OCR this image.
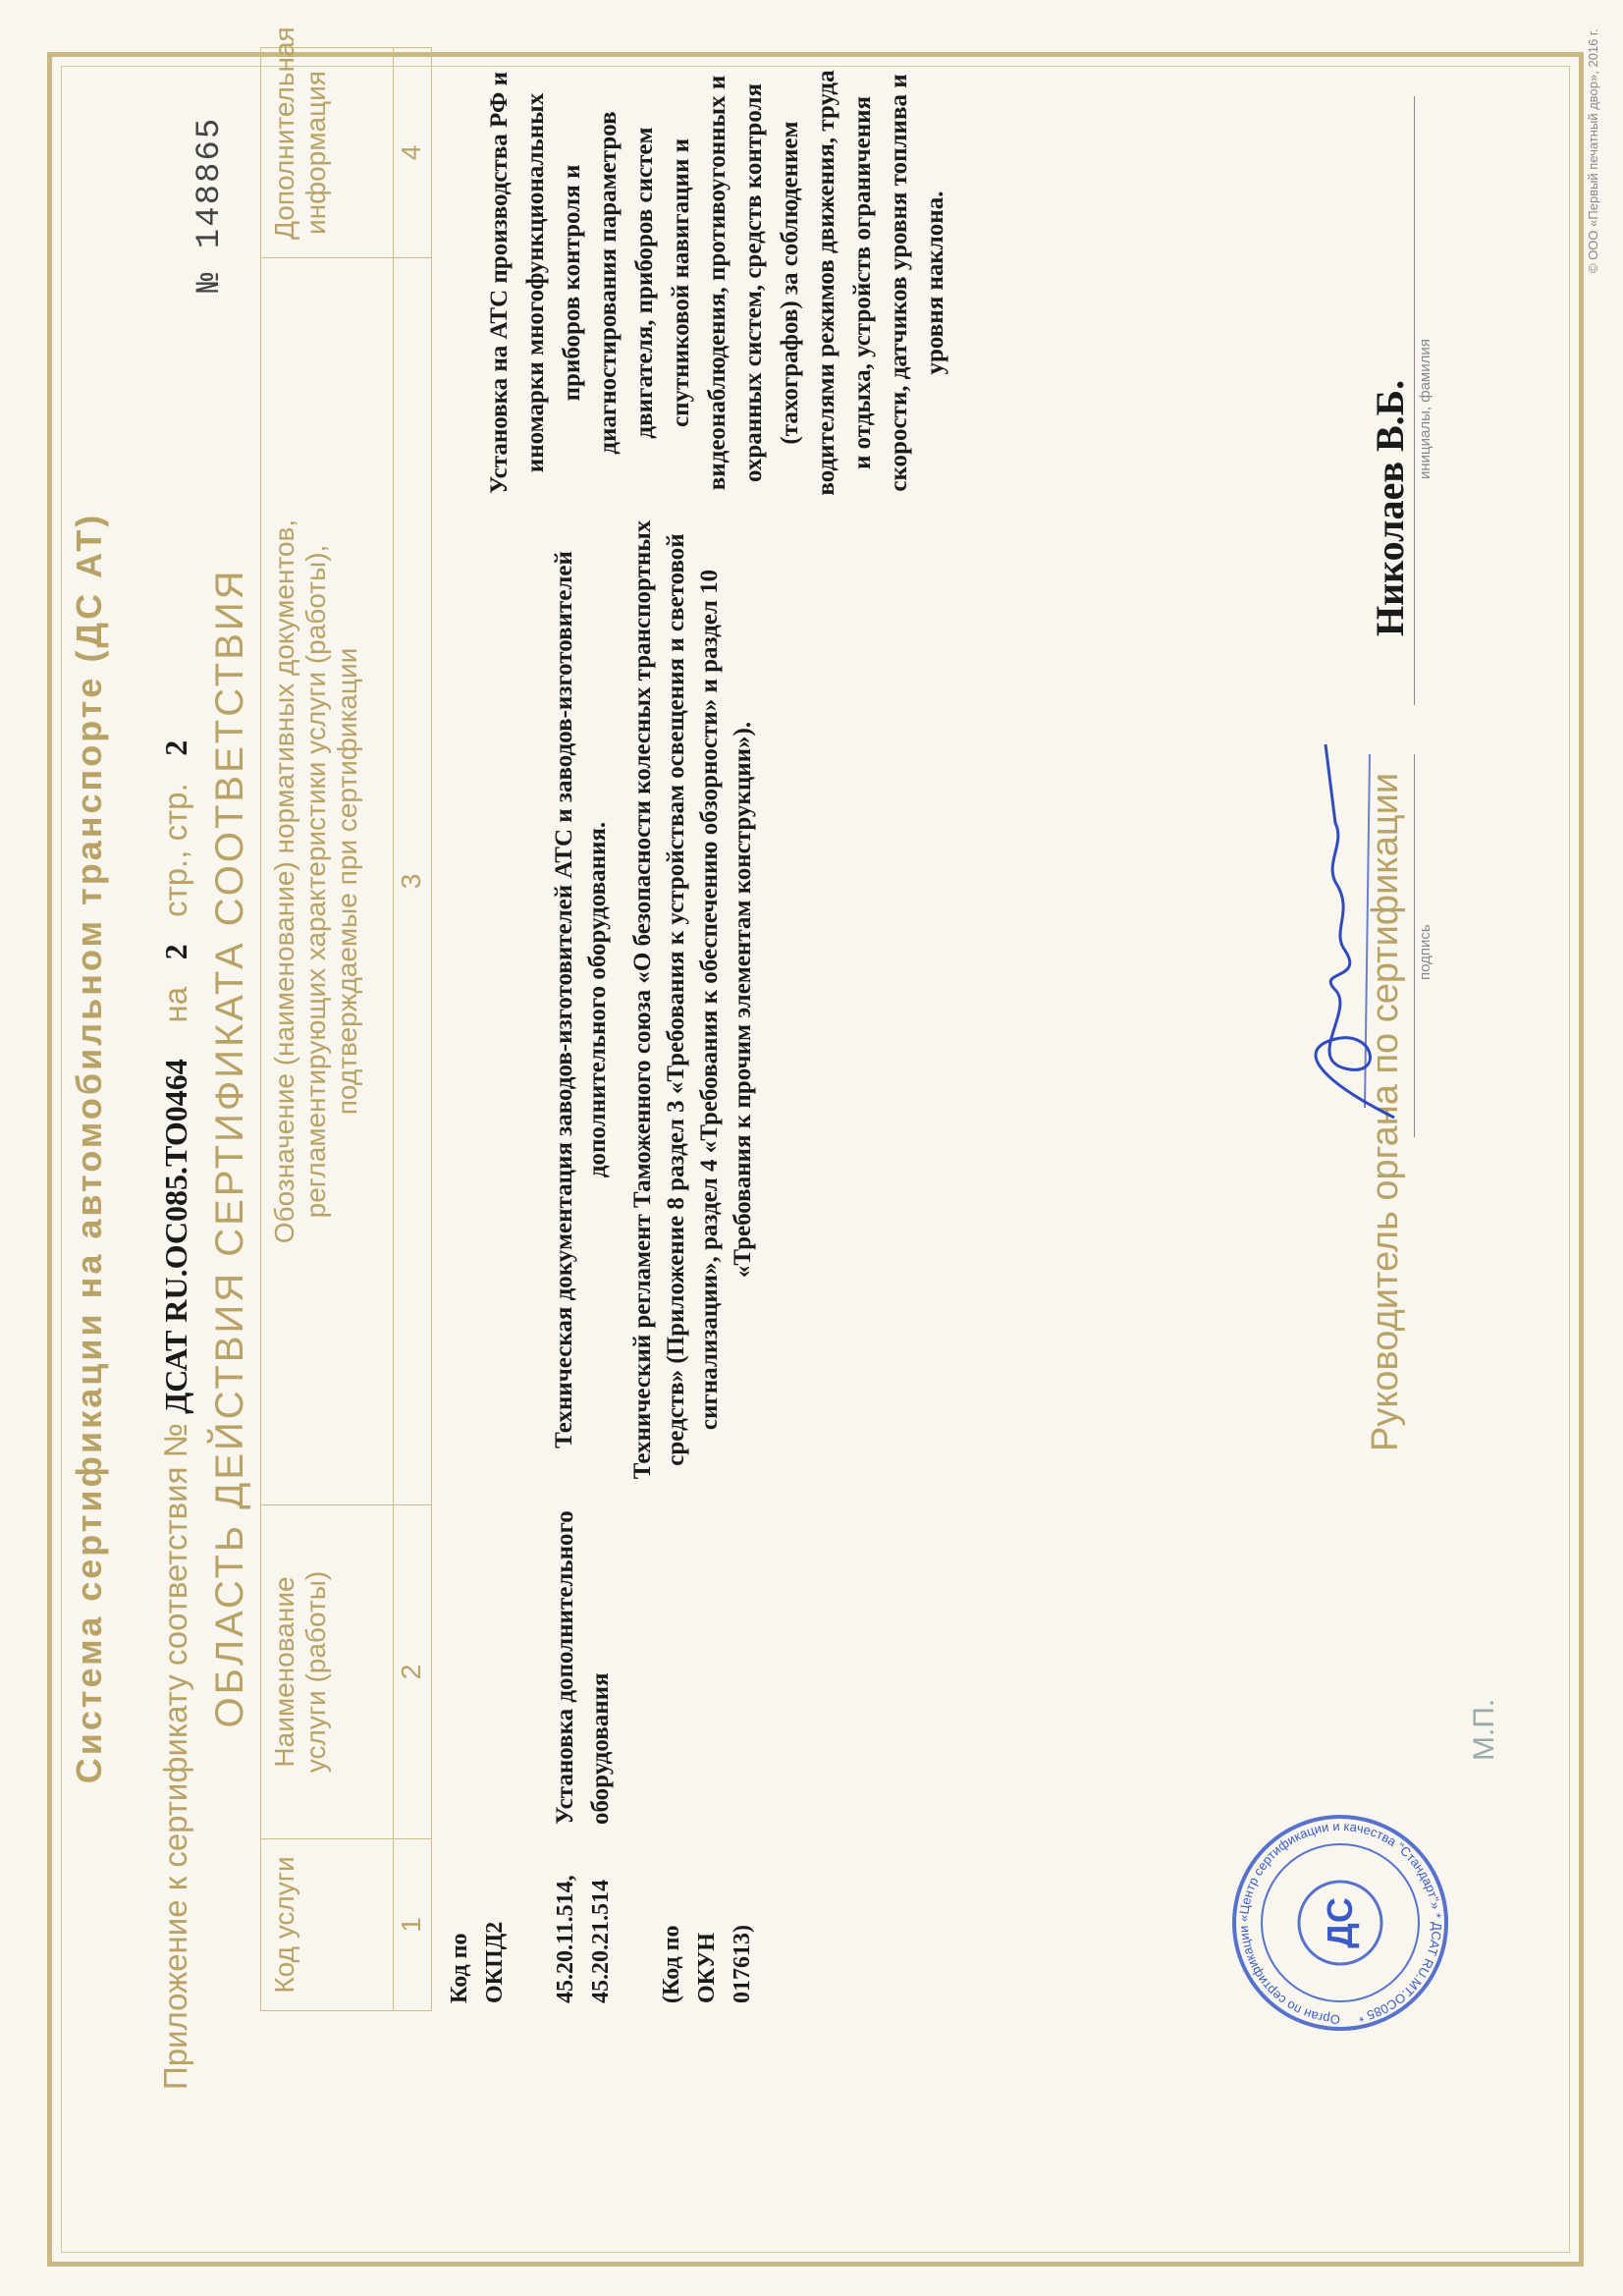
Система сертификации на автомобильном транспорте (ДС АТ) Приложение к сертификату соответствия № ДСАТ RU.ОС085.ТО0464    на   2   стр., стр.   2 ОБЛАСТЬ ДЕЙСТВИЯ СЕРТИФИКАТА СООТВЕТСТВИЯ
№ 148865
Код услуги	1
Наименование услуги (работы) 2
Обозначение (наименование) нормативных документов, регламентирующих характеристики услуги (работы), подтверждаемые при сертификации 3
Дополнительная информация 4
Код по ОКПД2 45.20.11.514, 45.20.21.514 (Код по ОКУН 017613)
Установка дополнительного оборудования

Техническая документация заводов-изготовителей АТС и заводов-изготовителей дополнительного оборудования. Технический регламент Таможенного союза «О безопасности колесных транспортных средств» (Приложение 8 раздел 3 «Требования к устройствам освещения и световой сигнализации», раздел 4 «Требования к обеспечению обзорности» и раздел 10 «Требования к прочим элементам конструкции»).

Установка на АТС производства РФ и иномарки многофункциональных приборов контроля и диагностирования параметров двигателя, приборов систем спутниковой навигации и видеонаблюдения, противоугонных и охранных систем, средств контроля (тахографов) за соблюдением водителями режимов движения, труда и отдыха, устройств ограничения скорости, датчиков уровня топлива и уровня наклона.
Орган по сертификации «Центр сертификации и качества "Стандарт"» * ДСАТ RU.МТ.ОС085 *
ДС
Руководитель органа по сертификации
М.П.
подпись
Николаев В.Б. инициалы, фамилия
© ООО «Первый печатный двор», 2016 г.
